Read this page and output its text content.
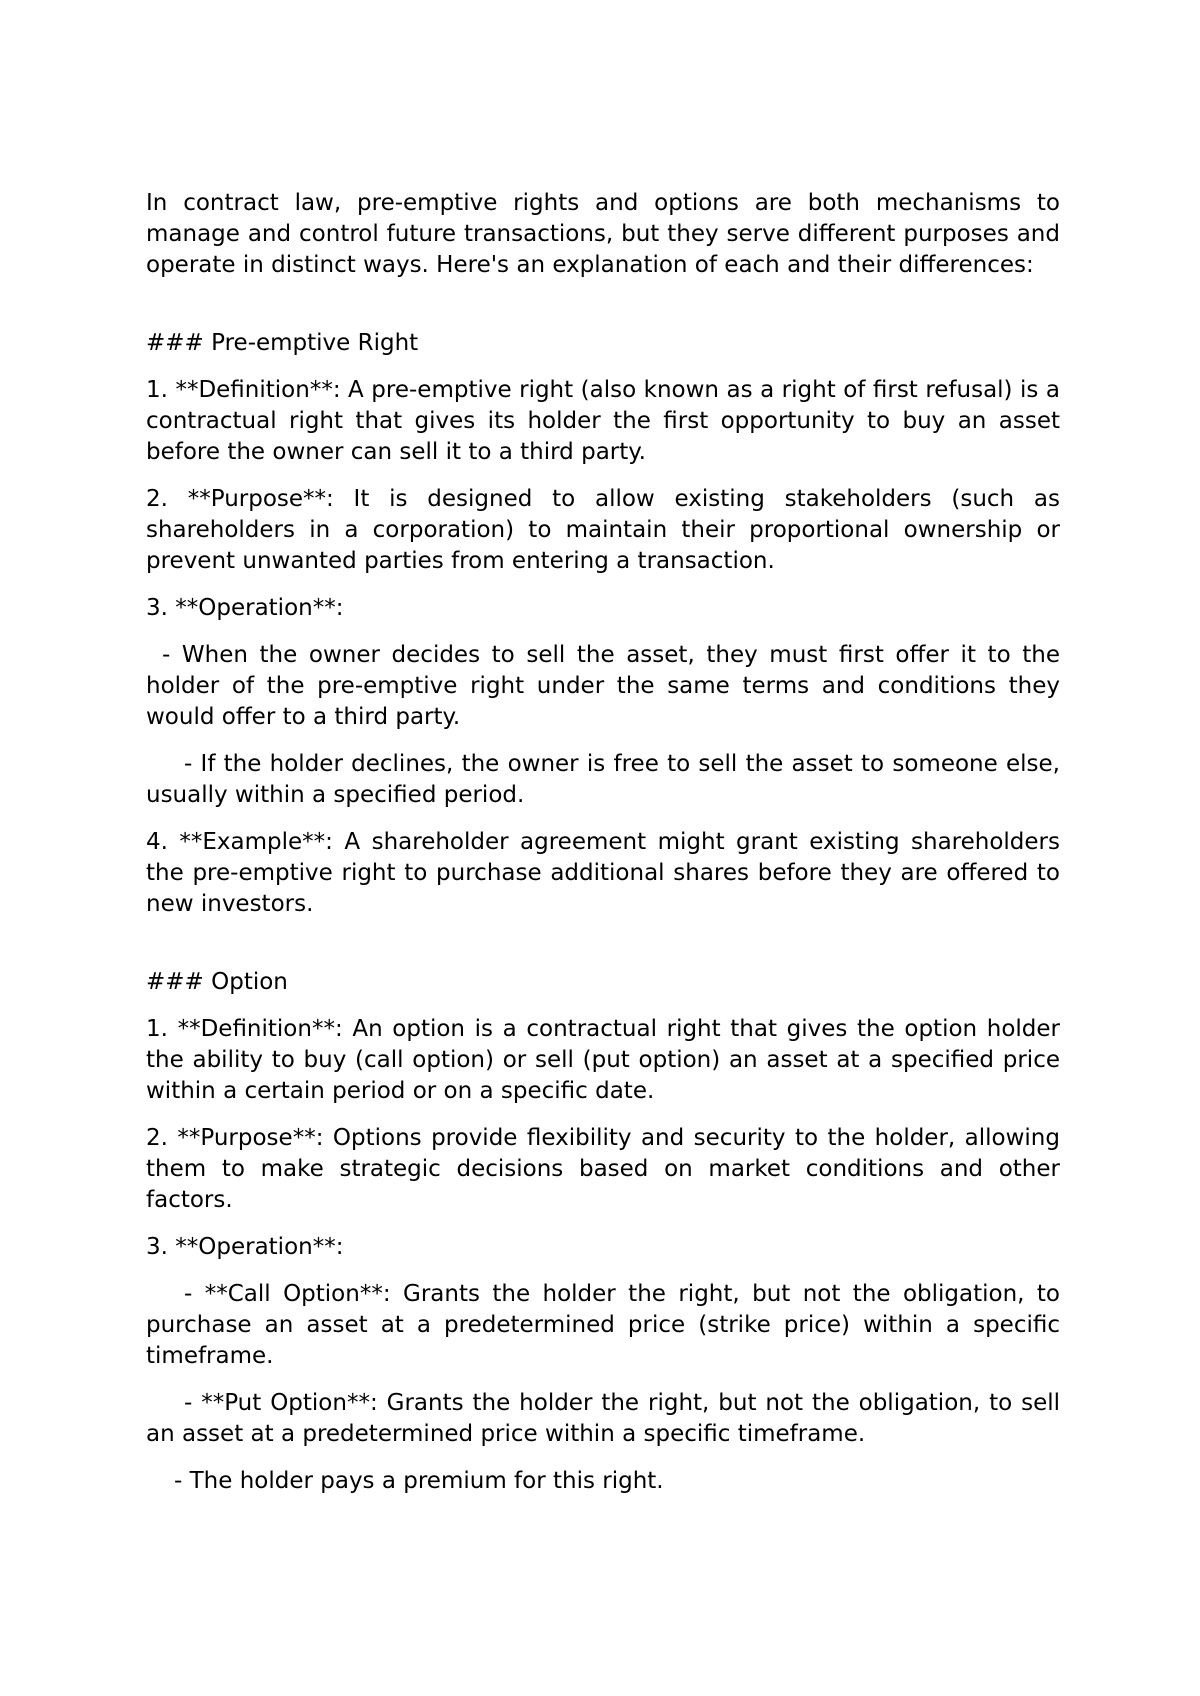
In contract law, pre-emptive rights and options are both mechanisms to manage and control future transactions, but they serve different purposes and operate in distinct ways. Here's an explanation of each and their differences:

### Pre-emptive Right

1. **Definition**: A pre-emptive right (also known as a right of first refusal) is a contractual right that gives its holder the first opportunity to buy an asset before the owner can sell it to a third party.

2. **Purpose**: It is designed to allow existing stakeholders (such as shareholders in a corporation) to maintain their proportional ownership or prevent unwanted parties from entering a transaction.

3. **Operation**:

- When the owner decides to sell the asset, they must first offer it to the holder of the pre-emptive right under the same terms and conditions they would offer to a third party.

- If the holder declines, the owner is free to sell the asset to someone else, usually within a specified period.

4. **Example**: A shareholder agreement might grant existing shareholders the pre-emptive right to purchase additional shares before they are offered to new investors.

### Option

1. **Definition**: An option is a contractual right that gives the option holder the ability to buy (call option) or sell (put option) an asset at a specified price within a certain period or on a specific date.

2. **Purpose**: Options provide flexibility and security to the holder, allowing them to make strategic decisions based on market conditions and other factors.

3. **Operation**:

- **Call Option**: Grants the holder the right, but not the obligation, to purchase an asset at a predetermined price (strike price) within a specific timeframe.

- **Put Option**: Grants the holder the right, but not the obligation, to sell an asset at a predetermined price within a specific timeframe.

- The holder pays a premium for this right.
